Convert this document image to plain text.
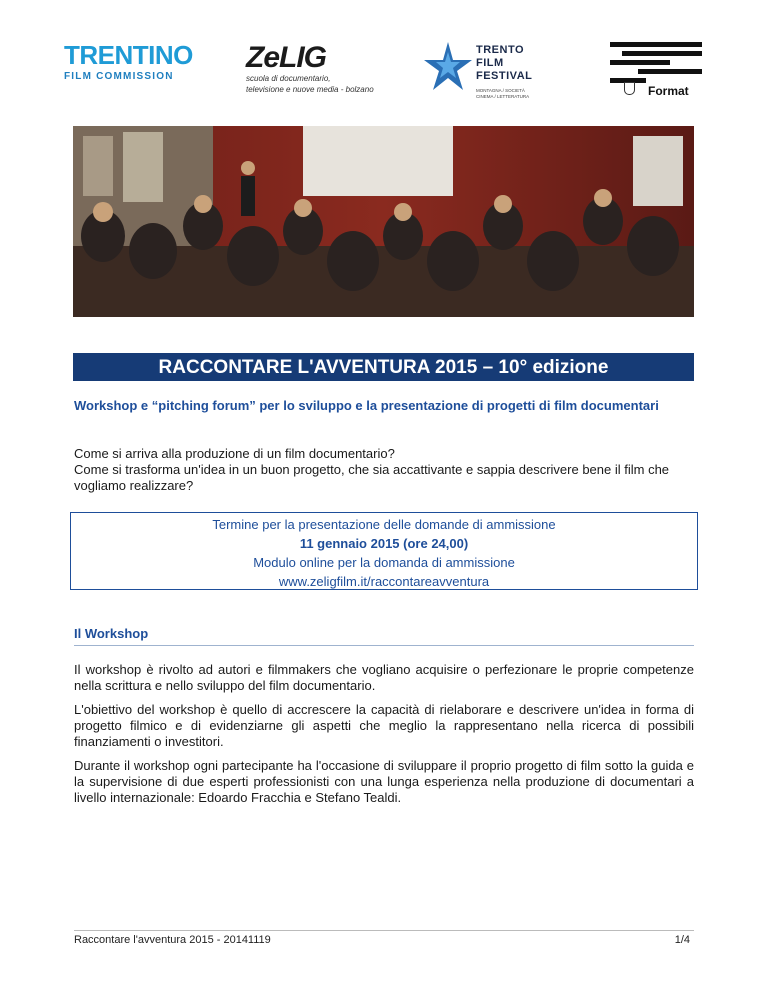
TRENTINO
FILM COMMISSION
ZeLIG
scuola di documentario,
televisione e nuove media - bolzano
TRENTO
FILM
FESTIVAL
MONTAGNA / SOCIETÀ
CINEMA / LETTERATURA	Format
RACCONTARE L'AVVENTURA 2015 – 10° edizione
Workshop e “pitching forum” per lo sviluppo e la presentazione di progetti di film documentari
Come si arriva alla produzione di un film documentario?
Come si trasforma un'idea in un buon progetto, che sia accattivante e sappia descrivere bene il film che vogliamo realizzare?
Termine per la presentazione delle domande di ammissione
11 gennaio 2015 (ore 24,00)
Modulo online per la domanda di ammissione
www.zeligfilm.it/raccontareavventura
Il Workshop

Il workshop è rivolto ad autori e filmmakers che vogliano acquisire o perfezionare le proprie competenze nella scrittura e nello sviluppo del film documentario.

L'obiettivo del workshop è quello di accrescere la capacità di rielaborare e descrivere un'idea in forma di progetto filmico e di evidenziarne gli aspetti che meglio la rappresentano nella ricerca di possibili finanziamenti o investitori.

Durante il workshop ogni partecipante ha l'occasione di sviluppare il proprio progetto di film sotto la guida e la supervisione di due esperti professionisti con una lunga esperienza nella produzione di documentari a livello internazionale: Edoardo Fracchia e Stefano Tealdi.

Raccontare l'avventura 2015 - 20141119	1/4
